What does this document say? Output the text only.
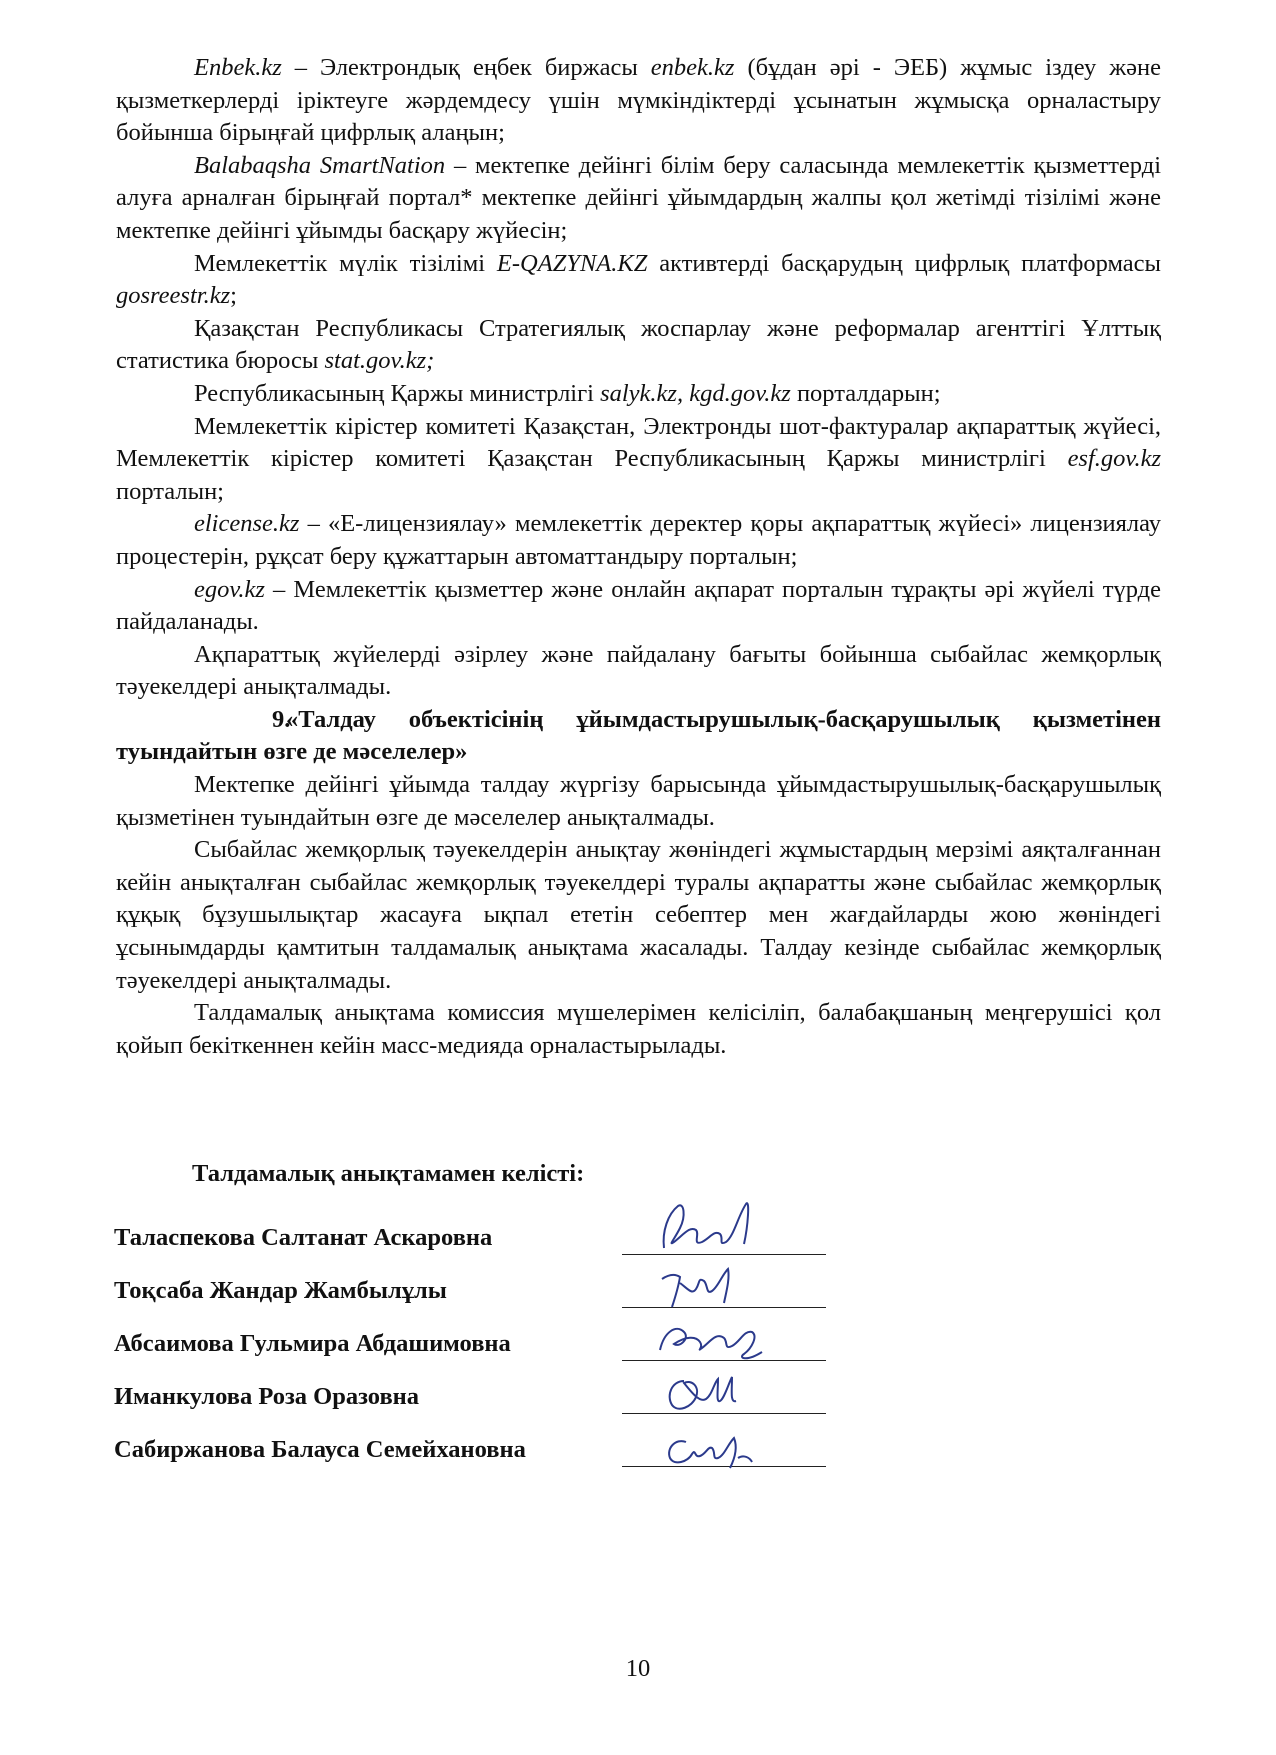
Enbek.kz – Электрондық еңбек биржасы enbek.kz (бұдан әрі - ЭЕБ) жұмыс іздеу және қызметкерлерді іріктеуге жәрдемдесу үшін мүмкіндіктерді ұсынатын жұмысқа орналастыру бойынша бірыңғай цифрлық алаңын;

Balabaqsha SmartNation – мектепке дейінгі білім беру саласында мемлекеттік қызметтерді алуға арналған бірыңғай портал* мектепке дейінгі ұйымдардың жалпы қол жетімді тізілімі және мектепке дейінгі ұйымды басқару жүйесін;

Мемлекеттік мүлік тізілімі E-QAZYNA.KZ активтерді басқарудың цифрлық платформасы gosreestr.kz;

Қазақстан Республикасы Стратегиялық жоспарлау және реформалар агенттігі Ұлттық статистика бюросы stat.gov.kz;

Республикасының Қаржы министрлігі salyk.kz, kgd.gov.kz порталдарын;

Мемлекеттік кірістер комитеті Қазақстан, Электронды шот-фактуралар ақпараттық жүйесі, Мемлекеттік кірістер комитеті Қазақстан Республикасының Қаржы министрлігі esf.gov.kz порталын;

elicense.kz – «Е-лицензиялау» мемлекеттік деректер қоры ақпараттық жүйесі» лицензиялау процестерін, рұқсат беру құжаттарын автоматтандыру порталын;

egov.kz – Мемлекеттік қызметтер және онлайн ақпарат порталын тұрақты әрі жүйелі түрде пайдаланады.

Ақпараттық жүйелерді әзірлеу және пайдалану бағыты бойынша сыбайлас жемқорлық тәуекелдері анықталмады.

9.«Талдау объектісінің ұйымдастырушылық-басқарушылық қызметінен туындайтын өзге де мәселелер»

Мектепке дейінгі ұйымда талдау жүргізу барысында ұйымдастырушылық-басқарушылық қызметінен туындайтын өзге де мәселелер анықталмады.

Сыбайлас жемқорлық тәуекелдерін анықтау жөніндегі жұмыстардың мерзімі аяқталғаннан кейін анықталған сыбайлас жемқорлық тәуекелдері туралы ақпаратты және сыбайлас жемқорлық құқық бұзушылықтар жасауға ықпал ететін себептер мен жағдайларды жою жөніндегі ұсынымдарды қамтитын талдамалық анықтама жасалады. Талдау кезінде сыбайлас жемқорлық тәуекелдері анықталмады.

Талдамалық анықтама комиссия мүшелерімен келісіліп, балабақшаның меңгерушісі қол қойып бекіткеннен кейін масс-медияда орналастырылады.

Талдамалық анықтамамен келісті:
Таласпекова Салтанат Аскаровна
Тоқсаба Жандар Жамбылұлы
Абсаимова Гульмира Абдашимовна
Иманкулова Роза Оразовна
Сабиржанова Балауса Семейхановна
10
